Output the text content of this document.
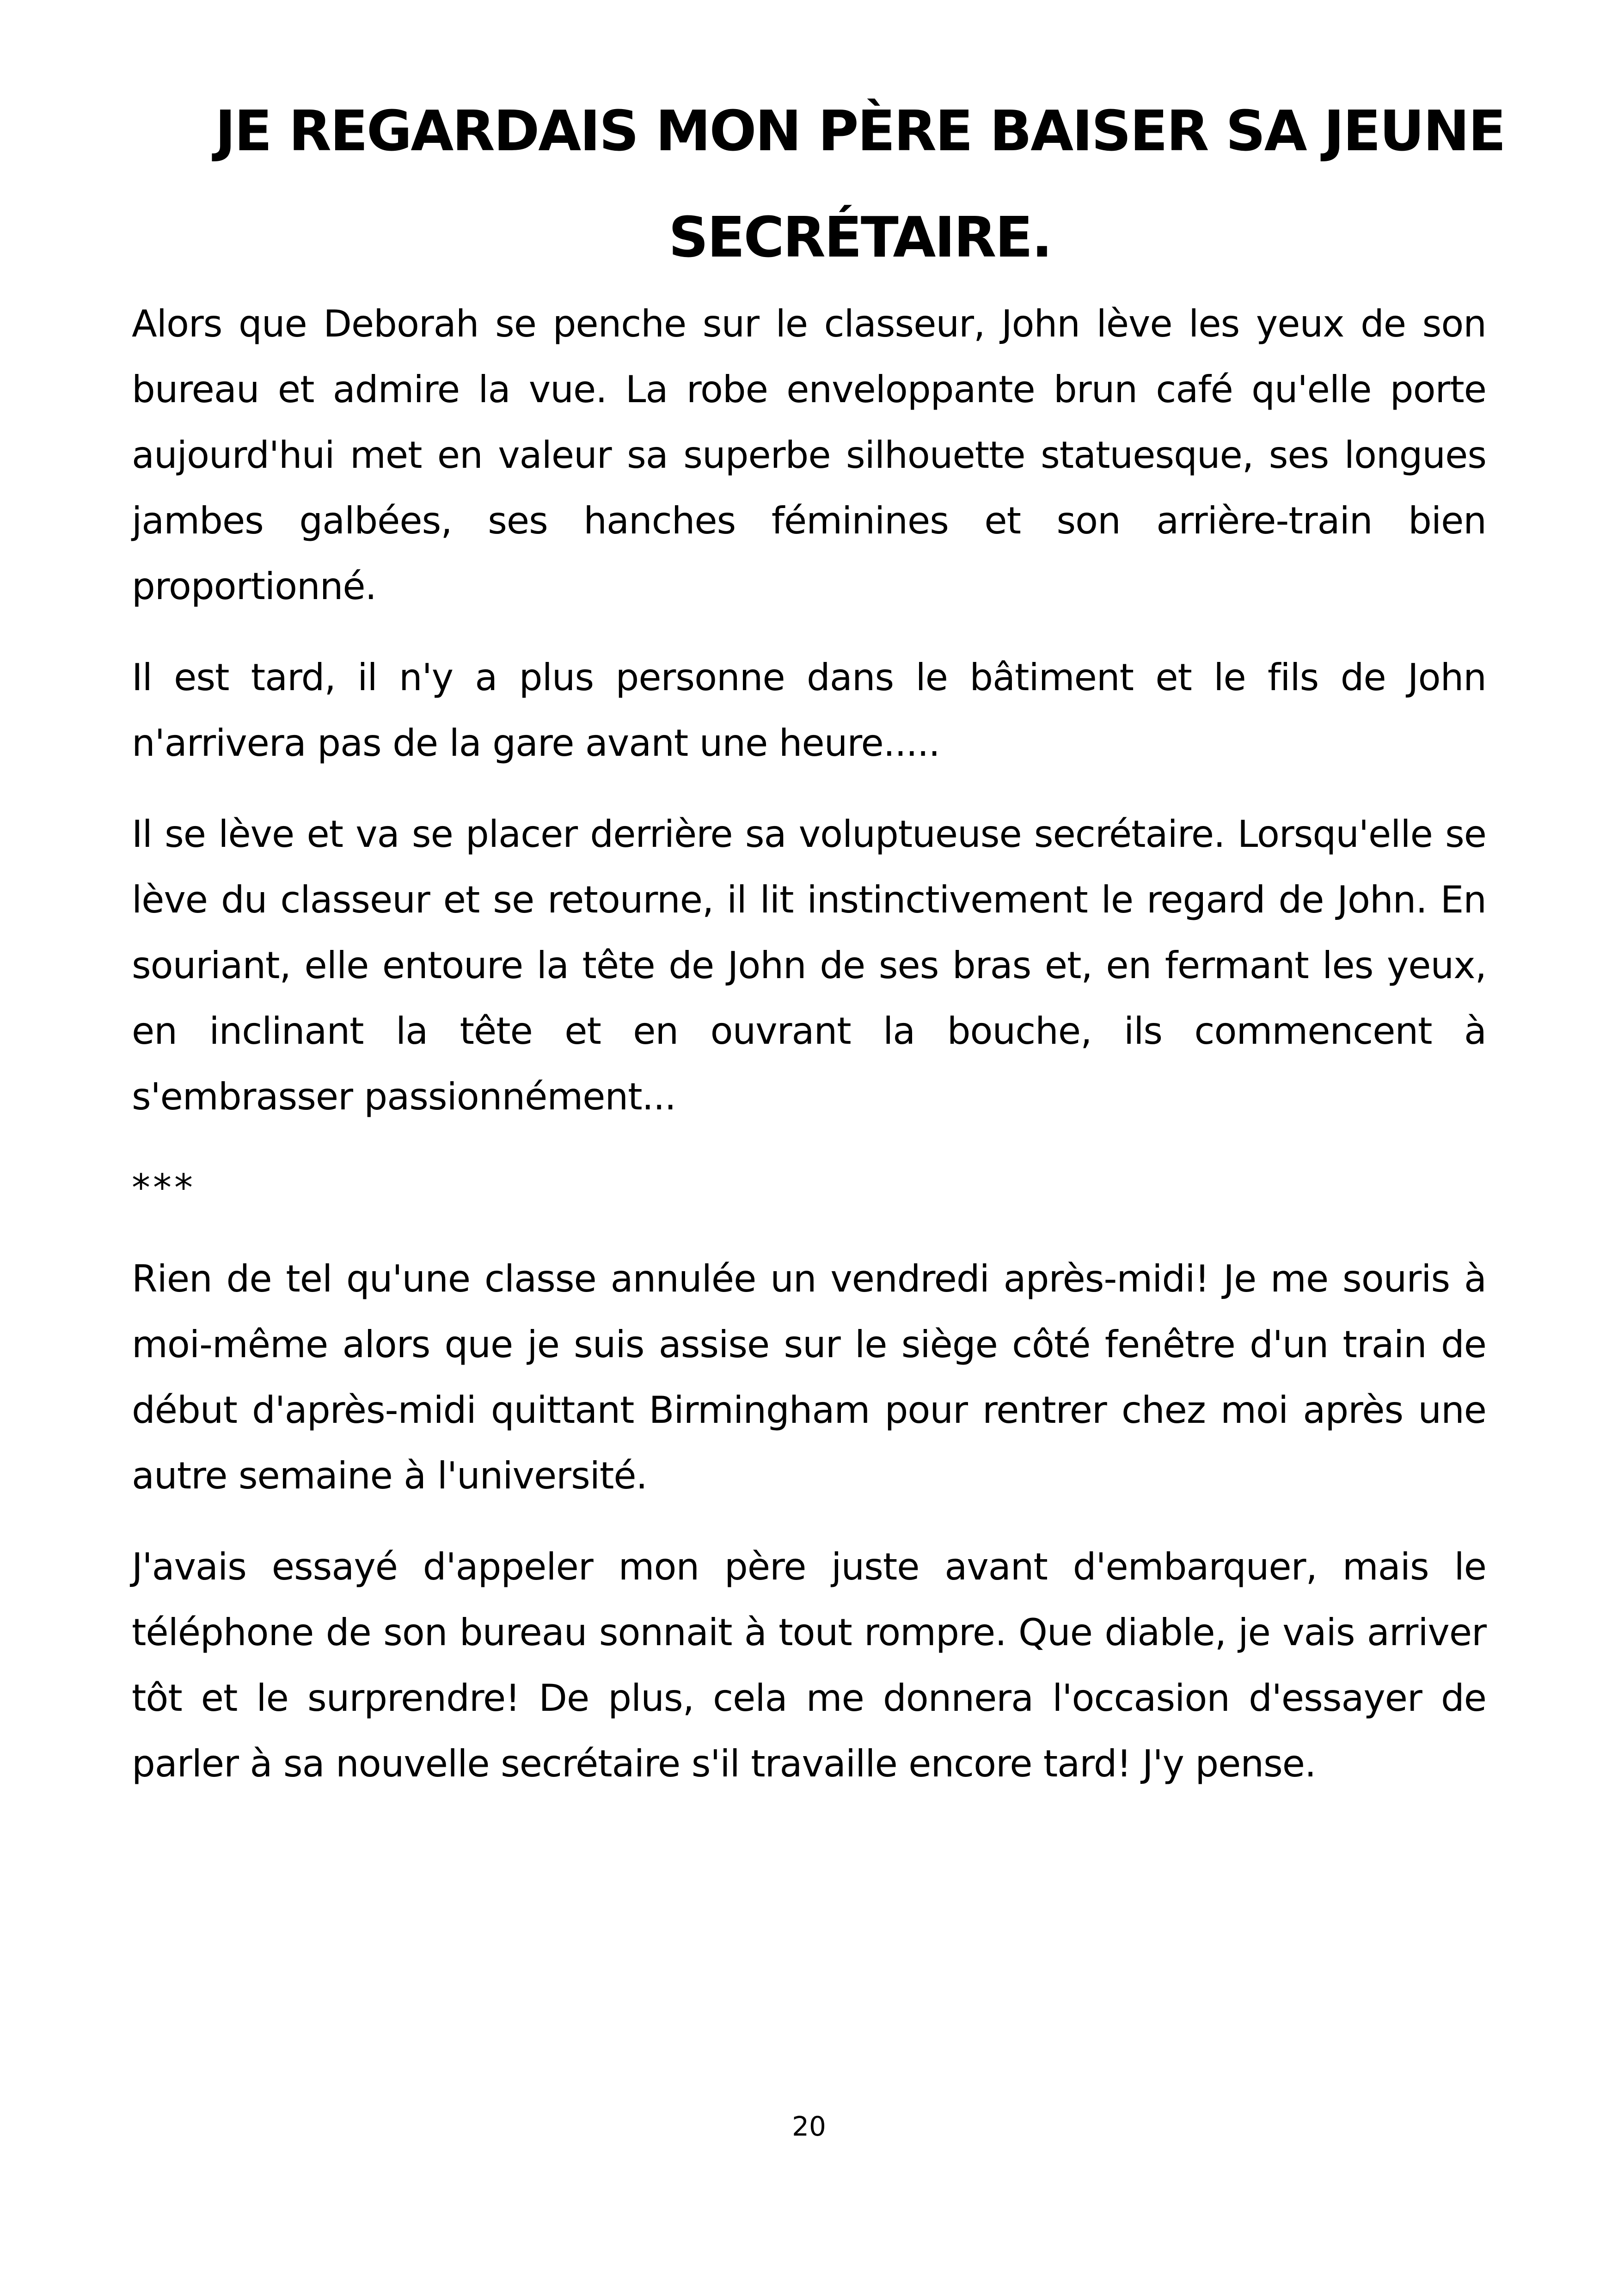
JE REGARDAIS MON PÈRE BAISER SA JEUNE SECRÉTAIRE.

Alors que Deborah se penche sur le classeur, John lève les yeux de son bureau et admire la vue. La robe enveloppante brun café qu'elle porte aujourd'hui met en valeur sa superbe silhouette statuesque, ses longues jambes galbées, ses hanches féminines et son arrière-train bien proportionné.

Il est tard, il n'y a plus personne dans le bâtiment et le fils de John n'arrivera pas de la gare avant une heure.....

Il se lève et va se placer derrière sa voluptueuse secrétaire. Lorsqu'elle se lève du classeur et se retourne, il lit instinctivement le regard de John. En souriant, elle entoure la tête de John de ses bras et, en fermant les yeux, en inclinant la tête et en ouvrant la bouche, ils commencent à s'embrasser passionnément...

***

Rien de tel qu'une classe annulée un vendredi après-midi! Je me souris à moi-même alors que je suis assise sur le siège côté fenêtre d'un train de début d'après-midi quittant Birmingham pour rentrer chez moi après une autre semaine à l'université.

J'avais essayé d'appeler mon père juste avant d'embarquer, mais le téléphone de son bureau sonnait à tout rompre. Que diable, je vais arriver tôt et le surprendre! De plus, cela me donnera l'occasion d'essayer de parler à sa nouvelle secrétaire s'il travaille encore tard! J'y pense.

20
